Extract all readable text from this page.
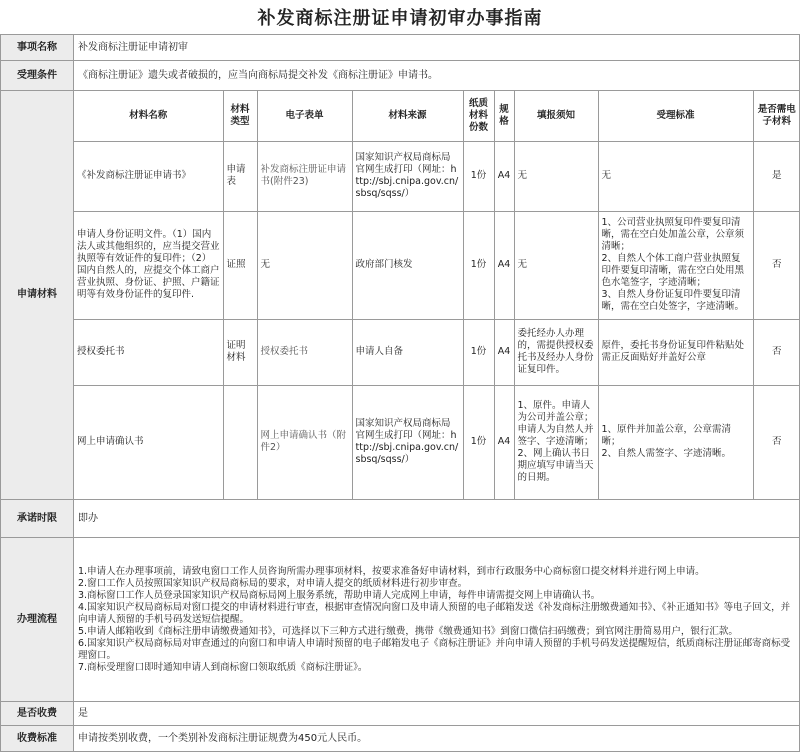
补发商标注册证申请初审办事指南
事项名称	补发商标注册证申请初审
受理条件	《商标注册证》遗失或者破损的，应当向商标局提交补发《商标注册证》申请书。
申请材料	
材料名称	材料类型	电子表单	材料来源	纸质材料份数	规格	填报须知	受理标准	是否需电子材料
《补发商标注册证申请书》	申请表	补发商标注册证申请书(附件23)	国家知识产权局商标局官网生成打印（网址：http://sbj.cnipa.gov.cn/sbsq/sqss/）	1份	A4	无	无	是
申请人身份证明文件。（1）国内法人或其他组织的，应当提交营业执照等有效证件的复印件；（2）国内自然人的，应提交个体工商户营业执照、身份证、护照、户籍证明等有效身份证件的复印件.	证照	无	政府部门核发	1份	A4	无	1、公司营业执照复印件要复印清晰，需在空白处加盖公章，公章须清晰；
2、自然人个体工商户营业执照复印件要复印清晰，需在空白处用黑色水笔签字，字迹清晰；
3、自然人身份证复印件要复印清晰，需在空白处签字，字迹清晰。	否
授权委托书	证明材料	授权委托书	申请人自备	1份	A4	委托经办人办理的，需提供授权委托书及经办人身份证复印件。	原件，委托书身份证复印件粘贴处需正反面贴好并盖好公章	否
网上申请确认书		网上申请确认书（附件2）	国家知识产权局商标局官网生成打印（网址：http://sbj.cnipa.gov.cn/sbsq/sqss/）	1份	A4	1、原件。申请人为公司并盖公章；申请人为自然人并签字、字迹清晰；
2、网上确认书日期应填写申请当天的日期。	1、原件并加盖公章，公章需清晰；
2、自然人需签字、字迹清晰。	否

承诺时限	即办
办理流程	

1.申请人在办理事项前，请致电窗口工作人员咨询所需办理事项材料，按要求准备好申请材料，到市行政服务中心商标窗口提交材料并进行网上申请。

2.窗口工作人员按照国家知识产权局商标局的要求，对申请人提交的纸质材料进行初步审查。

3.商标窗口工作人员登录国家知识产权局商标局网上服务系统，帮助申请人完成网上申请，每件申请需提交网上申请确认书。

4.国家知识产权局商标局对窗口提交的申请材料进行审查，根据审查情况向窗口及申请人预留的电子邮箱发送《补发商标注册缴费通知书》、《补正通知书》等电子回文，并向申请人预留的手机号码发送短信提醒。

5.申请人邮箱收到《商标注册申请缴费通知书》，可选择以下三种方式进行缴费，携带《缴费通知书》到窗口微信扫码缴费；到官网注册简易用户，银行汇款。

6.国家知识产权局商标局对审查通过的向窗口和申请人申请时预留的电子邮箱发电子《商标注册证》并向申请人预留的手机号码发送提醒短信，纸质商标注册证邮寄商标受理窗口。

7.商标受理窗口即时通知申请人到商标窗口领取纸质《商标注册证》。

是否收费	是
收费标准	申请按类别收费，一个类别补发商标注册证规费为450元人民币。
